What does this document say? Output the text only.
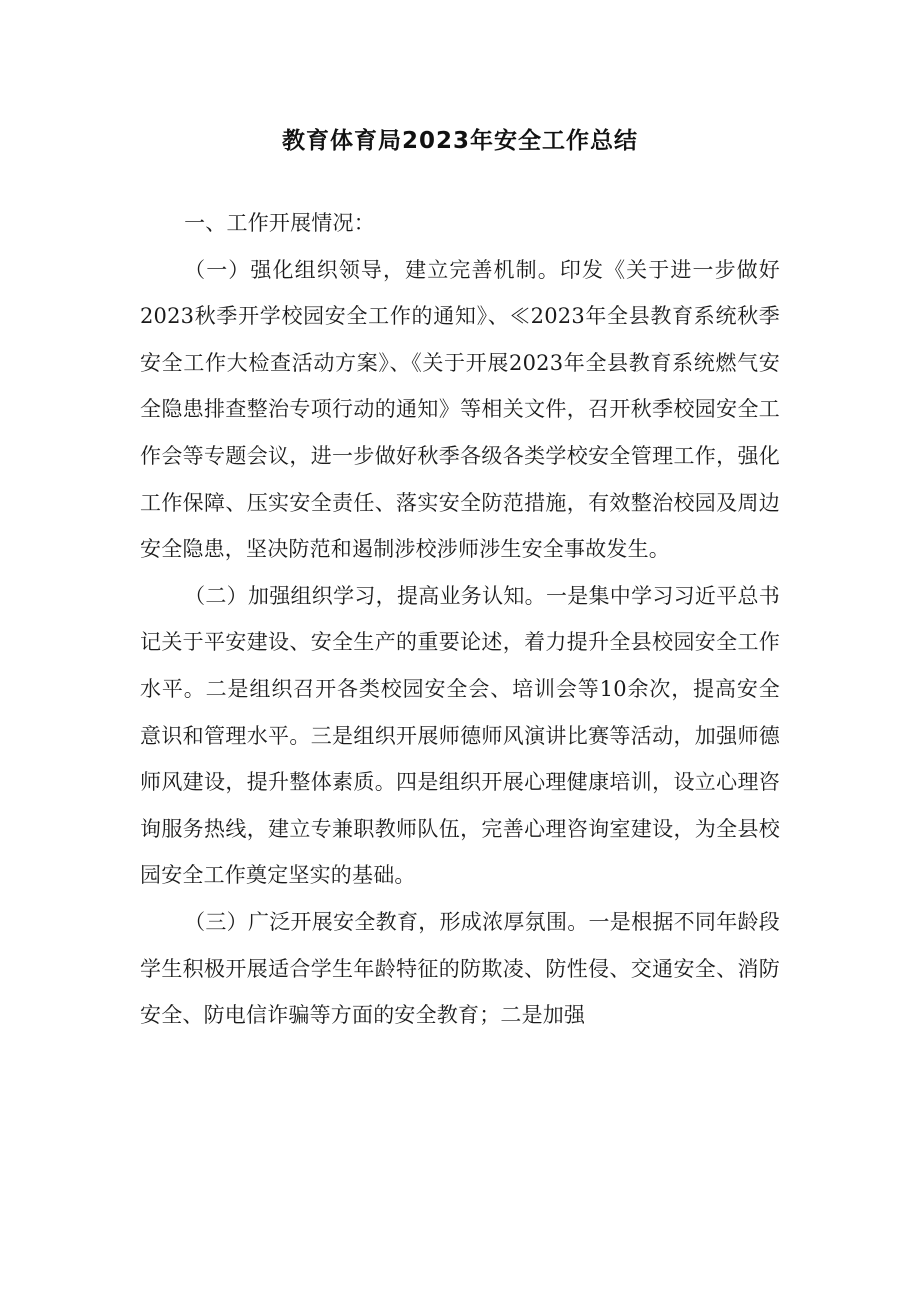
教育体育局2023年安全工作总结

一、工作开展情况：

（一）强化组织领导，建立完善机制。印发《关于进一步做好2023秋季开学校园安全工作的通知》、≪2023年全县教育系统秋季安全工作大检查活动方案》、《关于开展2023年全县教育系统燃气安全隐患排查整治专项行动的通知》等相关文件，召开秋季校园安全工作会等专题会议，进一步做好秋季各级各类学校安全管理工作，强化工作保障、压实安全责任、落实安全防范措施，有效整治校园及周边安全隐患，坚决防范和遏制涉校涉师涉生安全事故发生。

（二）加强组织学习，提高业务认知。一是集中学习习近平总书记关于平安建设、安全生产的重要论述，着力提升全县校园安全工作水平。二是组织召开各类校园安全会、培训会等10余次，提高安全意识和管理水平。三是组织开展师德师风演讲比赛等活动，加强师德师风建设，提升整体素质。四是组织开展心理健康培训，设立心理咨询服务热线，建立专兼职教师队伍，完善心理咨询室建设，为全县校园安全工作奠定坚实的基础。

（三）广泛开展安全教育，形成浓厚氛围。一是根据不同年龄段学生积极开展适合学生年龄特征的防欺凌、防性侵、交通安全、消防安全、防电信诈骗等方面的安全教育；二是加强
